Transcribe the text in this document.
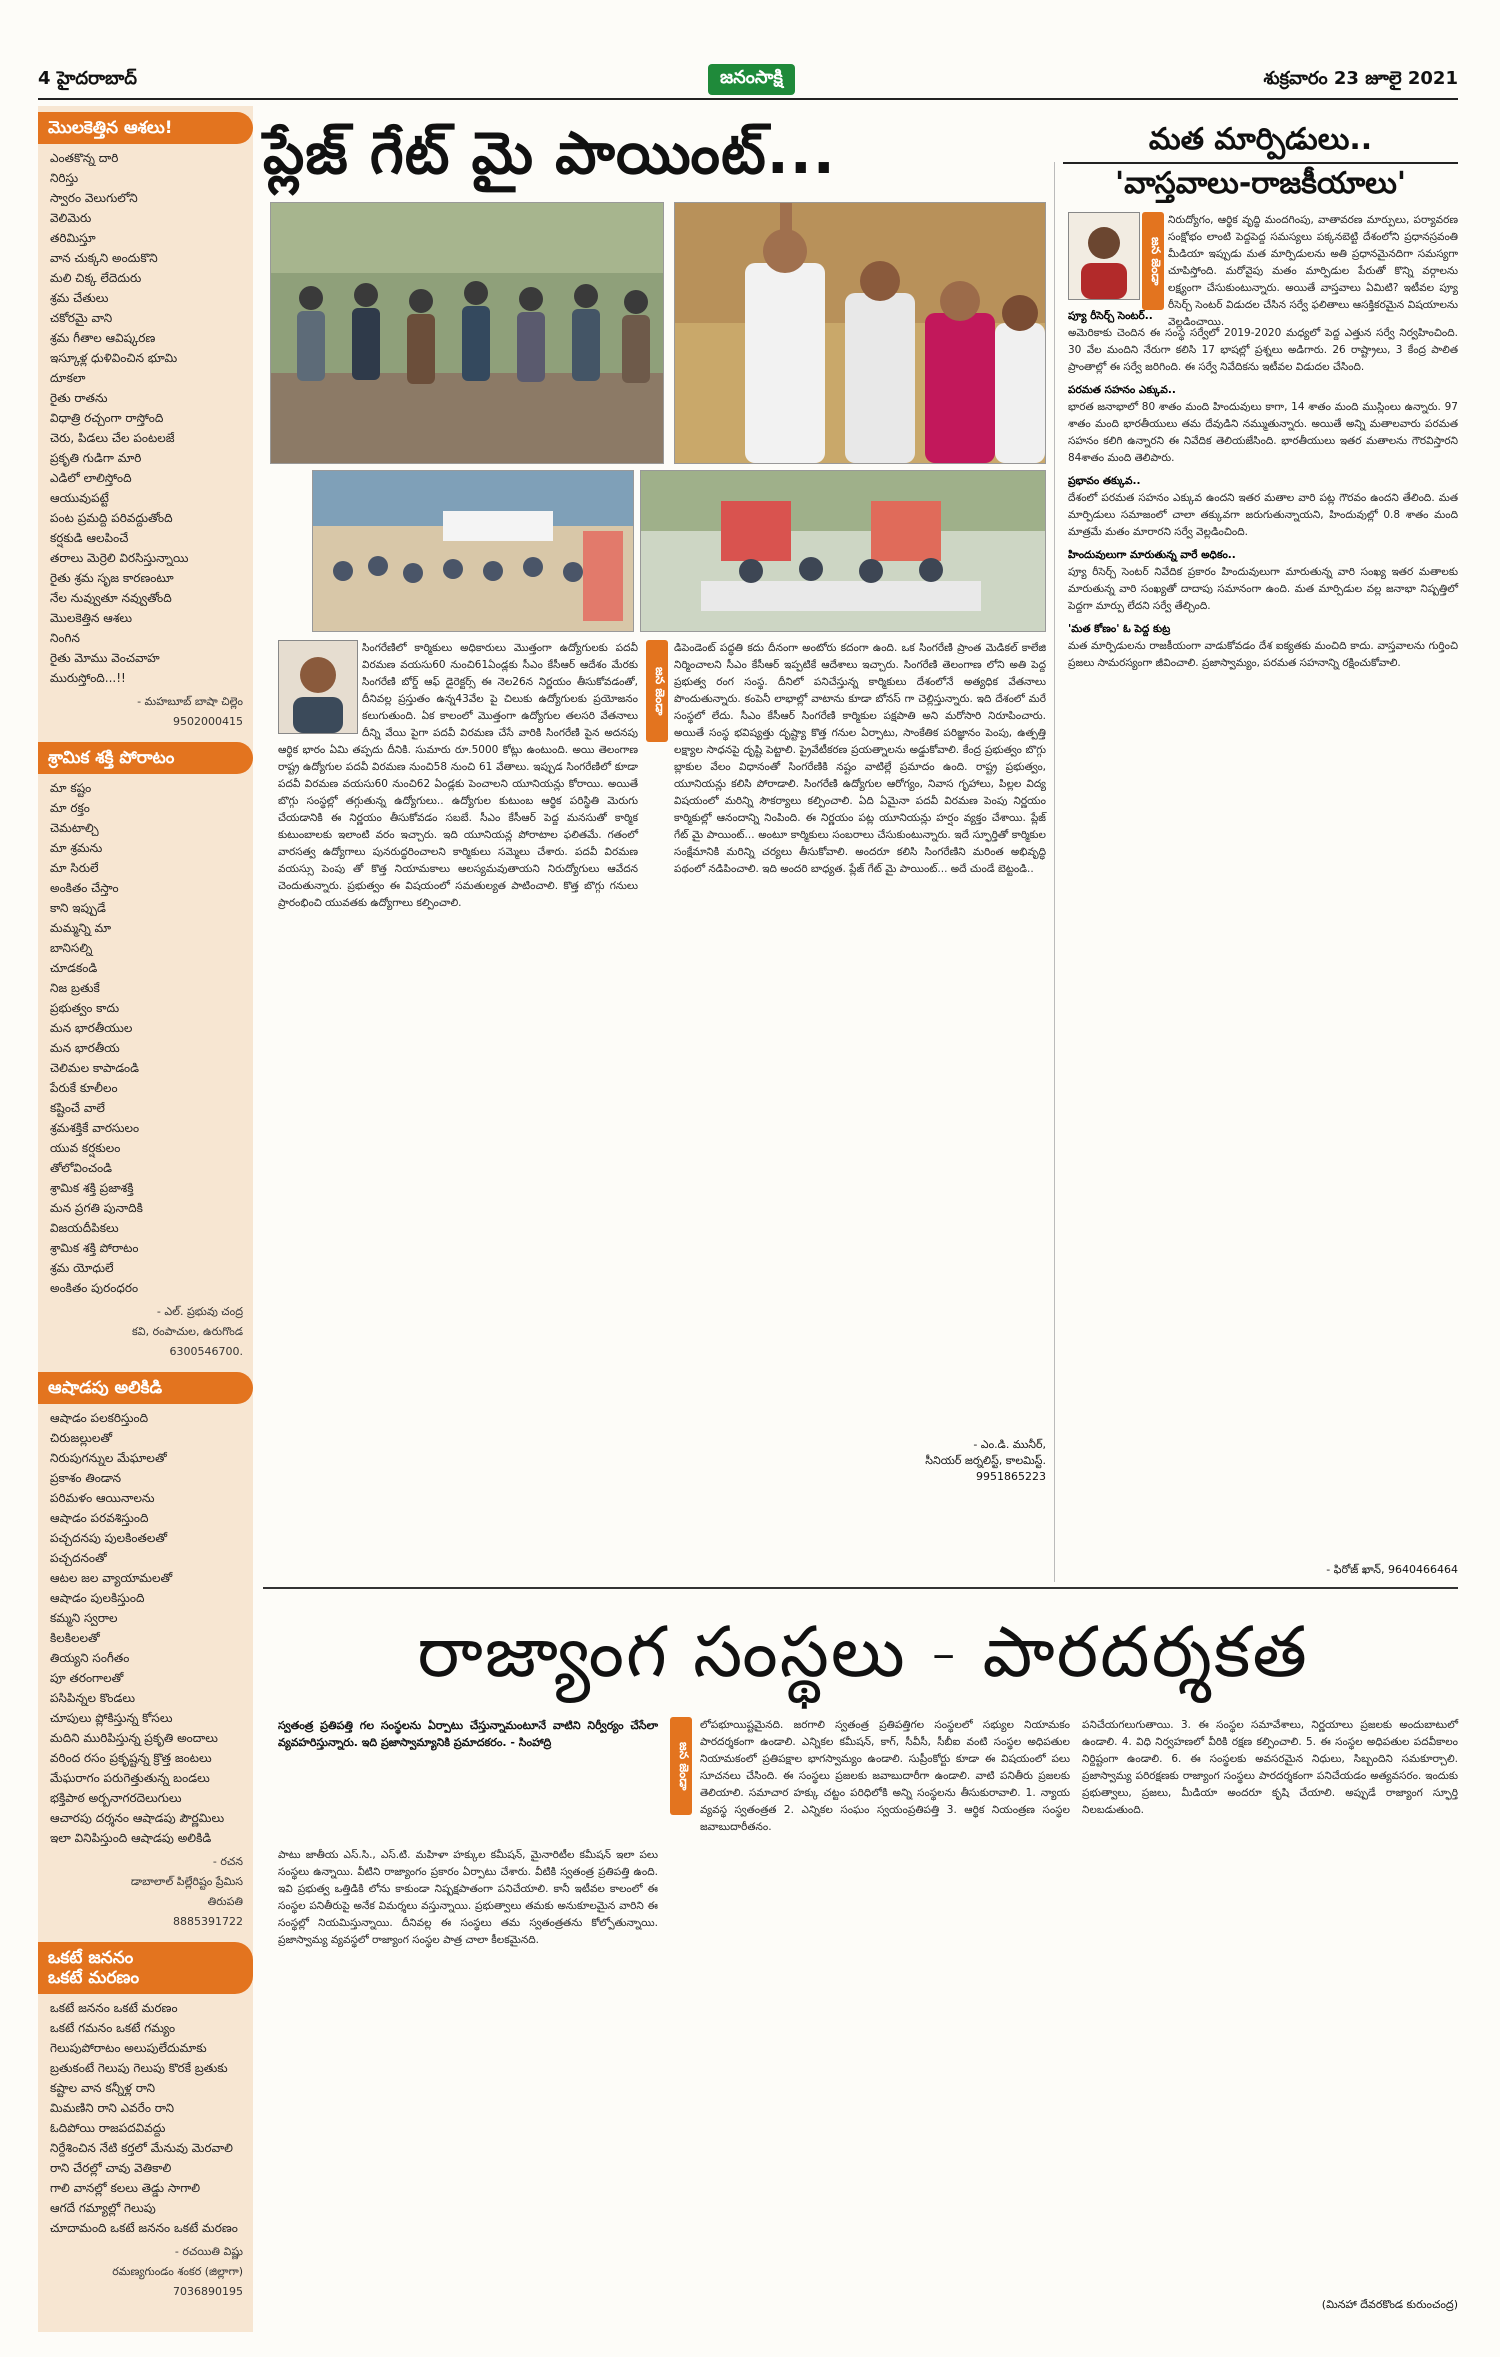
4 హైదరాబాద్	జనంసాక్షి	శుక్రవారం 23 జూలై 2021
మొలకెత్తిన ఆశలు!
ఎంతకొన్న దారి
నిరిస్తు
స్వారం వెలుగులోని
వెలిమెరు
తరిమిస్తూ
వాన చుక్కని అందుకొని
మలి చిక్క లేదెదురు
శ్రమ చేతులు
చకోరమై వాని
శ్రమ గీతాల ఆవిష్కరణ
ఇస్కూళ్ల ధుళివించిన భూమి
దూకలా
రైతు రాతను
విధాత్రి రచ్చంగా రాస్తోంది
చెరు, పిడలు చేల పంటలజే
ప్రకృతి గుడిగా మారి
ఎడిలో లాలిస్తోంది
ఆయువుపట్టే
పంట ప్రమద్ది పరివద్దుతోంది
కర్షకుడి ఆలపించే
తరాలు మెర్రెలి విరసిస్తున్నాయి
రైతు శ్రమ సృజ కారణంటూ
నేల నువ్వుతూ నవ్వుతోంది
మొలకెత్తిన ఆశలు
నింగిన
రైతు మోము వెంచవాహ
మురుస్తోంది...!!
- మహబూబ్ బాషా చిల్లెం
9502000415
శ్రామిక శక్తి పోరాటం
మా కష్టం
మా రక్తం
చెమటాల్చి
మా శ్రమను
మా సిరులే
అంకితం చేస్తాం
కాని ఇప్పుడే
మమ్మన్ని మా
బానిసల్ని
చూడకండి
నిజ బ్రతుకే
ప్రభుత్వం కాదు
మన భారతీయుల
మన భారతీయ
చెలిమల కాపాడండి
పేరుకే కూలీలం
కష్టించే వాలే
శ్రమశక్తికే వారసులం
యువ కర్షకులం
తోలోవించండి
శ్రామిక శక్తి ప్రజాశక్తి
మన ప్రగతి పునాదికి
విజయదీపికలు
శ్రామిక శక్తి పోరాటం
శ్రమ యోధులే
అంకితం పురంధరం
- ఎల్. ప్రభువు చంద్ర
కవి, రంపాచుల, ఉరుగొండ
6300546700.
ఆషాడపు అలికిడి
ఆషాడం పలకరిస్తుంది
చిరుజల్లులతో
నిరుపుగన్నుల మేఘాలతో
ప్రకాశం తిండాన
పరిమళం ఆయినాలను
ఆషాడం పరవశిస్తుంది
పచ్చదనపు పులకింతలతో
పచ్చదనంతో
ఆటల జల వ్యాయామలతో
ఆషాడం పులకిస్తుంది
కమ్మని స్వరాల
కిలకిలలతో
తియ్యని సంగీతం
పూ తరంగాలతో
పసిపిన్నల కొండలు
చూపులు ప్లోకిస్తున్న కోసలు
మదిని మురిపిస్తున్న ప్రకృతి అందాలు
వరింద రసం ప్రకృష్టన్న క్రొత్త జంటలు
మేఘరాగం పరుగెత్తుతున్న బండలు
భక్తిపాఠ అర్బనాగరదెలుగులు
ఆచారపు దర్శనం ఆషాడపు పౌర్ణమిలు
ఇలా వినిపిస్తుంది ఆషాడపు అలికిడి
- రచన
డాబాలాల్ పిల్లేరిష్టం ప్రేమిస
తిరుపతి
8885391722
ఒకటే జననం
ఒకటే మరణం
ఒకటే జననం ఒకటే మరణం
ఒకటే గమనం ఒకటే గమ్యం
గెలుపుపోరాటం అలుపులేదుమాకు
బ్రతుకంటే గెలుపు గెలుపు కొరకే బ్రతుకు
కష్టాల వాన కన్నీళ్ల రాని
మిమణిని రాని ఎవరేం రాని
ఓదిపోయి రాజపదవివద్దు
నిర్దేశించిన నేటి కర్తలో మేనువు మెరవాలి
రాని చేరల్లో చావు వెతికాలి
గాలి వానల్లో కలలు తెడ్డు సాగాలి
ఆగదే గమ్యాల్లో గెలుపు
చూదామంది ఒకటే జననం ఒకటే మరణం
- రచయితి విష్ణు
రమణ్యగుండం శంకర (జిల్లాగా)
7036890195
ప్లేజ్ గేట్ మై పాయింట్...
సింగరేణిలో కార్మికులు అధికారులు మొత్తంగా ఉద్యోగులకు పదవీ విరమణ వయసు60 నుంచి61ఏండ్లకు సీఎం కేసీఆర్ ఆదేశం మేరకు సింగరేణి బోర్డ్ ఆఫ్ డైరెక్టర్స్ ఈ నెల26న నిర్ణయం తీసుకోవడంతో, దీనివల్ల ప్రస్తుతం ఉన్న43వేల పై చిలుకు ఉద్యోగులకు ప్రయోజనం కలుగుతుంది. ఏక కాలంలో మొత్తంగా ఉద్యోగుల తలసరి వేతనాలు దీన్ని వేయి పైగా పదవీ విరమణ చేసే వారికి సింగరేణి పైన అదనపు ఆర్థిక భారం ఏమి తప్పదు దీనికి. సుమారు రూ.5000 కోట్లు ఉంటుంది. అయి తెలంగాణ రాష్ట్ర ఉద్యోగుల పదవీ విరమణ నుంచి58 నుంచి 61 వేతాలు. ఇప్పుడ సింగరేణిలో కూడా పదవీ విరమణ వయసు60 నుంచి62 ఏండ్లకు పెంచాలని యూనియన్లు కోరాయి. అయితే బొగ్గు సంస్థల్లో తగ్గుతున్న ఉద్యోగులు.. ఉద్యోగుల కుటుంబ ఆర్థిక పరిస్థితి మెరుగు చేయడానికి ఈ నిర్ణయం తీసుకోవడం సబబే. సీఎం కేసీఆర్ పెద్ద మనసుతో కార్మిక కుటుంబాలకు ఇలాంటి వరం ఇచ్చారు. ఇది యూనియన్ల పోరాటాల ఫలితమే. గతంలో వారసత్వ ఉద్యోగాలు పునరుద్ధరించాలని కార్మికులు సమ్మెలు చేశారు. పదవీ విరమణ వయస్సు పెంపు తో కొత్త నియామకాలు ఆలస్యమవుతాయని నిరుద్యోగులు ఆవేదన చెందుతున్నారు. ప్రభుత్వం ఈ విషయంలో సమతుల్యత పాటించాలి. కొత్త బొగ్గు గనులు ప్రారంభించి యువతకు ఉద్యోగాలు కల్పించాలి.
జన జెండా
డిపెండెంట్ పద్ధతి కదు దీనంగా అంటోరు కదంగా ఉంది. ఒక సింగరేణి ప్రాంత మెడికల్ కాలేజి నిర్మించాలని సీఎం కేసీఆర్ ఇప్పటికే ఆదేశాలు ఇచ్చారు. సింగరేణి తెలంగాణ లోని అతి పెద్ద ప్రభుత్వ రంగ సంస్థ. దీనిలో పనిచేస్తున్న కార్మికులు దేశంలోనే అత్యధిక వేతనాలు పొందుతున్నారు. కంపెనీ లాభాల్లో వాటాను కూడా బోనస్ గా చెల్లిస్తున్నారు. ఇది దేశంలో మరే సంస్థలో లేదు. సీఎం కేసీఆర్ సింగరేణి కార్మికుల పక్షపాతి అని మరోసారి నిరూపించారు. అయితే సంస్థ భవిష్యత్తు దృష్ట్యా కొత్త గనుల ఏర్పాటు, సాంకేతిక పరిజ్ఞానం పెంపు, ఉత్పత్తి లక్ష్యాల సాధనపై దృష్టి పెట్టాలి. ప్రైవేటీకరణ ప్రయత్నాలను అడ్డుకోవాలి. కేంద్ర ప్రభుత్వం బొగ్గు బ్లాకుల వేలం విధానంతో సింగరేణికి నష్టం వాటిల్లే ప్రమాదం ఉంది. రాష్ట్ర ప్రభుత్వం, యూనియన్లు కలిసి పోరాడాలి. సింగరేణి ఉద్యోగుల ఆరోగ్యం, నివాస గృహాలు, పిల్లల విద్య విషయంలో మరిన్ని సౌకర్యాలు కల్పించాలి. ఏది ఏమైనా పదవీ విరమణ పెంపు నిర్ణయం కార్మికుల్లో ఆనందాన్ని నింపింది. ఈ నిర్ణయం పట్ల యూనియన్లు హర్షం వ్యక్తం చేశాయి. ప్లేజ్ గేట్ మై పాయింట్... అంటూ కార్మికులు సంబరాలు చేసుకుంటున్నారు. ఇదే స్ఫూర్తితో కార్మికుల సంక్షేమానికి మరిన్ని చర్యలు తీసుకోవాలి. అందరూ కలిసి సింగరేణిని మరింత అభివృద్ధి పథంలో నడిపించాలి. ఇది అందరి బాధ్యత. ప్లేజ్ గేట్ మై పాయింట్... అదే చుండే బెట్టండి..
- ఎం.డి. మునీర్,
సీనియర్ జర్నలిస్ట్, కాలమిస్ట్.
9951865223
మత మార్పిడులు..
'వాస్తవాలు-రాజకీయాలు'
జన జెండా
నిరుద్యోగం, ఆర్థిక వృద్ధి మందగింపు, వాతావరణ మార్పులు, పర్యావరణ సంక్షోభం లాంటి పెద్దపెద్ద సమస్యలు పక్కనబెట్టి దేశంలోని ప్రధానస్రవంతి మీడియా ఇప్పుడు మత మార్పిడులను అతి ప్రధానమైనదిగా సమస్యగా చూపిస్తోంది. మరోవైపు మతం మార్పిడుల పేరుతో కొన్ని వర్గాలను లక్ష్యంగా చేసుకుంటున్నారు. అయితే వాస్తవాలు ఏమిటి? ఇటీవల ప్యూ రీసెర్చ్ సెంటర్ విడుదల చేసిన సర్వే ఫలితాలు ఆసక్తికరమైన విషయాలను వెల్లడించాయి.
ప్యూ రీసెర్చ్ సెంటర్..
అమెరికాకు చెందిన ఈ సంస్థ సర్వేలో 2019-2020 మధ్యలో పెద్ద ఎత్తున సర్వే నిర్వహించింది. 30 వేల మందిని నేరుగా కలిసి 17 భాషల్లో ప్రశ్నలు అడిగారు. 26 రాష్ట్రాలు, 3 కేంద్ర పాలిత ప్రాంతాల్లో ఈ సర్వే జరిగింది. ఈ సర్వే నివేదికను ఇటీవల విడుదల చేసింది.
పరమత సహనం ఎక్కువ..
భారత జనాభాలో 80 శాతం మంది హిందువులు కాగా, 14 శాతం మంది ముస్లింలు ఉన్నారు. 97 శాతం మంది భారతీయులు తమ దేవుడిని నమ్ముతున్నారు. అయితే అన్ని మతాలవారు పరమత సహనం కలిగి ఉన్నారని ఈ నివేదిక తెలియజేసింది. భారతీయులు ఇతర మతాలను గౌరవిస్తారని 84శాతం మంది తెలిపారు.
ప్రభావం తక్కువ..
దేశంలో పరమత సహనం ఎక్కువ ఉందని ఇతర మతాల వారి పట్ల గౌరవం ఉందని తేలింది. మత మార్పిడులు సమాజంలో చాలా తక్కువగా జరుగుతున్నాయని, హిందువుల్లో 0.8 శాతం మంది మాత్రమే మతం మారారని సర్వే వెల్లడించింది.
హిందువులుగా మారుతున్న వారే అధికం..
ప్యూ రీసెర్చ్ సెంటర్ నివేదిక ప్రకారం హిందువులుగా మారుతున్న వారి సంఖ్య ఇతర మతాలకు మారుతున్న వారి సంఖ్యతో దాదాపు సమానంగా ఉంది. మత మార్పిడుల వల్ల జనాభా నిష్పత్తిలో పెద్దగా మార్పు లేదని సర్వే తేల్చింది.
'మత కోణం' ఓ పెద్ద కుట్ర
మత మార్పిడులను రాజకీయంగా వాడుకోవడం దేశ ఐక్యతకు మంచిది కాదు. వాస్తవాలను గుర్తించి ప్రజలు సామరస్యంగా జీవించాలి. ప్రజాస్వామ్యం, పరమత సహనాన్ని రక్షించుకోవాలి.
- ఫిరోజ్ ఖాన్, 9640466464
రాజ్యాంగ సంస్థలు - పారదర్శకత
స్వతంత్ర ప్రతిపత్తి గల సంస్థలను ఏర్పాటు చేస్తున్నామంటూనే వాటిని నిర్వీర్యం చేసేలా వ్యవహరిస్తున్నారు. ఇది ప్రజాస్వామ్యానికి ప్రమాదకరం. - సింహాద్రి
పాటు జాతీయ ఎస్.సి., ఎస్.టి. మహిళా హక్కుల కమీషన్, మైనారిటీల కమీషన్ ఇలా పలు సంస్థలు ఉన్నాయి. వీటిని రాజ్యాంగం ప్రకారం ఏర్పాటు చేశారు. వీటికి స్వతంత్ర ప్రతిపత్తి ఉంది. ఇవి ప్రభుత్వ ఒత్తిడికి లోను కాకుండా నిష్పక్షపాతంగా పనిచేయాలి. కానీ ఇటీవల కాలంలో ఈ సంస్థల పనితీరుపై అనేక విమర్శలు వస్తున్నాయి. ప్రభుత్వాలు తమకు అనుకూలమైన వారిని ఈ సంస్థల్లో నియమిస్తున్నాయి. దీనివల్ల ఈ సంస్థలు తమ స్వతంత్రతను కోల్పోతున్నాయి. ప్రజాస్వామ్య వ్యవస్థలో రాజ్యాంగ సంస్థల పాత్ర చాలా కీలకమైనది.
జన జెండా
లోపభూయిష్టమైనది. జరగాలి స్వతంత్ర ప్రతిపత్తిగల సంస్థలలో సభ్యుల నియామకం పారదర్శకంగా ఉండాలి. ఎన్నికల కమీషన్, కాగ్, సీవీసీ, సీబీఐ వంటి సంస్థల అధిపతుల నియామకంలో ప్రతిపక్షాల భాగస్వామ్యం ఉండాలి. సుప్రీంకోర్టు కూడా ఈ విషయంలో పలు సూచనలు చేసింది. ఈ సంస్థలు ప్రజలకు జవాబుదారీగా ఉండాలి. వాటి పనితీరు ప్రజలకు తెలియాలి. సమాచార హక్కు చట్టం పరిధిలోకి అన్ని సంస్థలను తీసుకురావాలి. 1. న్యాయ వ్యవస్థ స్వతంత్రత 2. ఎన్నికల సంఘం స్వయంప్రతిపత్తి 3. ఆర్థిక నియంత్రణ సంస్థల జవాబుదారీతనం.
పనిచేయగలుగుతాయి. 3. ఈ సంస్థల సమావేశాలు, నిర్ణయాలు ప్రజలకు అందుబాటులో ఉండాలి. 4. విధి నిర్వహణలో వీరికి రక్షణ కల్పించాలి. 5. ఈ సంస్థల అధిపతుల పదవీకాలం నిర్దిష్టంగా ఉండాలి. 6. ఈ సంస్థలకు అవసరమైన నిధులు, సిబ్బందిని సమకూర్చాలి. ప్రజాస్వామ్య పరిరక్షణకు రాజ్యాంగ సంస్థలు పారదర్శకంగా పనిచేయడం అత్యవసరం. ఇందుకు ప్రభుత్వాలు, ప్రజలు, మీడియా అందరూ కృషి చేయాలి. అప్పుడే రాజ్యాంగ స్ఫూర్తి నిలబడుతుంది.
(మినహా దేవరకొండ కురుంచంద్ర)
